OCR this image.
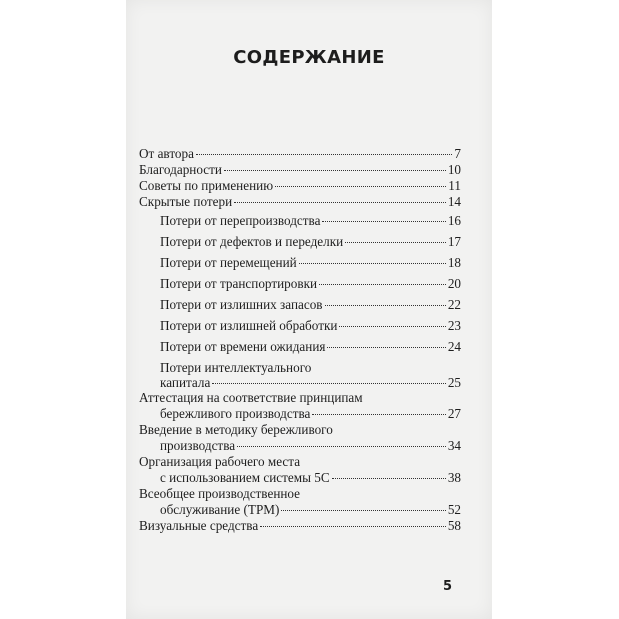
СОДЕРЖАНИЕ
От автора	7
Благодарности	10
Советы по применению	11
Скрытые потери	14
Потери от перепроизводства	16
Потери от дефектов и переделки	17
Потери от перемещений	18
Потери от транспортировки	20
Потери от излишних запасов	22
Потери от излишней обработки	23
Потери от времени ожидания	24
Потери интеллектуального
капитала	25
Аттестация на соответствие принципам
бережливого производства	27
Введение в методику бережливого
производства	34
Организация рабочего места
с использованием системы 5С	38
Всеобщее производственное
обслуживание (TPM)	52
Визуальные средства	58
5
